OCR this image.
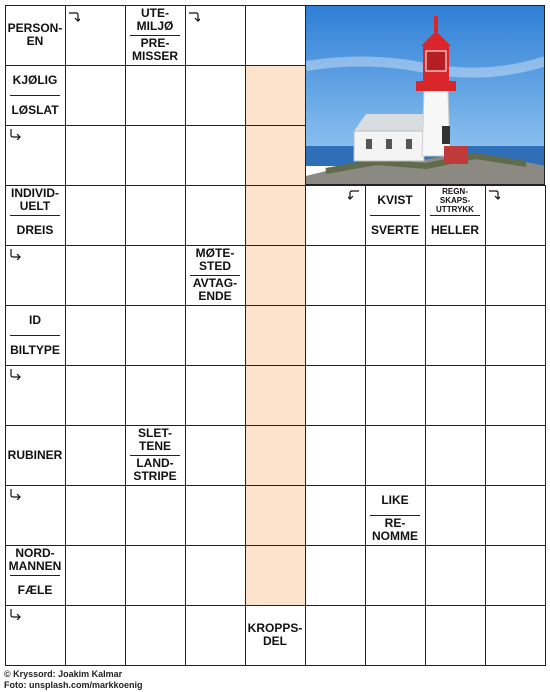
© Kryssord: Joakim Kalmar
Foto: unsplash.com/markkoenig
PERSON-
EN
UTE-
MILJØ
PRE-
MISSER
KJØLIG
LØSLAT
INDIVID-
UELT
DREIS
KVIST
REGN-
SKAPS-
UTTRYKK
SVERTE	HELLER
MØTE-
STED
AVTAG-
ENDE
ID
BILTYPE
SLET-
TENE
RUBINER
LAND-
STRIPE
LIKE
RE-
NOMME
NORD-
MANNEN
FÆLE
KROPPS-
DEL
